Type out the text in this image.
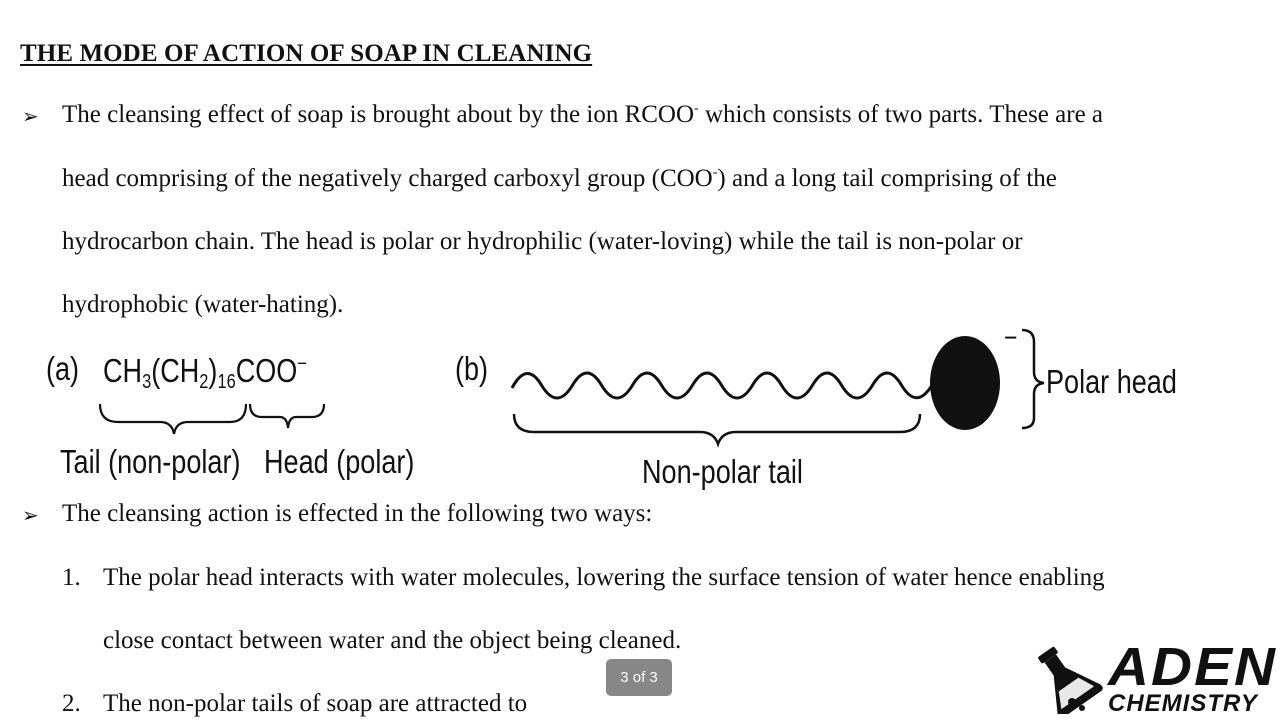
THE MODE OF ACTION OF SOAP IN CLEANING
➢ The cleansing effect of soap is brought about by the ion RCOO- which consists of two parts. These are a
head comprising of the negatively charged carboxyl group (COO-) and a long tail comprising of the
hydrocarbon chain. The head is polar or hydrophilic (water-loving) while the tail is non-polar or
hydrophobic (water-hating).
(a) $CH_3(CH_2)_{16}COO^-$
Tail (non-polar) Head (polar)
(b)
−
Polar head
Non-polar tail
➢ The cleansing action is effected in the following two ways:
1. The polar head interacts with water molecules, lowering the surface tension of water hence enabling
close contact between water and the object being cleaned.
2. The non-polar tails of soap are attracted to
3 of 3	ADEN
CHEMISTRY
